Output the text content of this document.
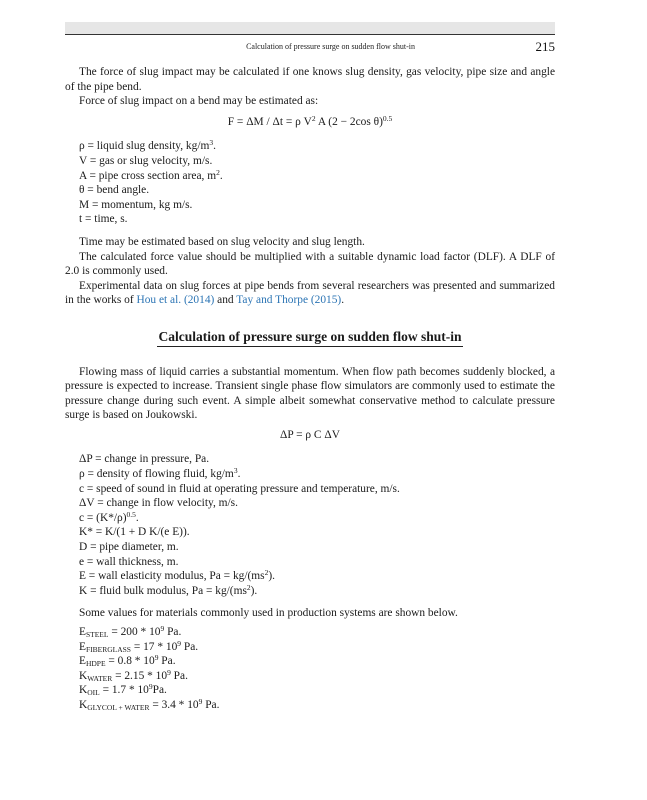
Calculation of pressure surge on sudden flow shut-in	215

The force of slug impact may be calculated if one knows slug density, gas velocity, pipe size and angle of the pipe bend.

Force of slug impact on a bend may be estimated as:

F = ΔM / Δt = ρ $V^2$ A (2 − 2cos θ)$^{0.5}$
ρ = liquid slug density, $kg/m^3$.
V = gas or slug velocity, m/s.
A = pipe cross section area, $m^2$.
θ = bend angle.
M = momentum, kg m/s.
t = time, s.

Time may be estimated based on slug velocity and slug length.

The calculated force value should be multiplied with a suitable dynamic load factor (DLF). A DLF of 2.0 is commonly used.

Experimental data on slug forces at pipe bends from several researchers was presented and summarized in the works of Hou et al. (2014) and Tay and Thorpe (2015).

Calculation of pressure surge on sudden flow shut-in

Flowing mass of liquid carries a substantial momentum. When flow path becomes suddenly blocked, a pressure is expected to increase. Transient single phase flow simulators are commonly used to estimate the pressure change during such event. A simple albeit somewhat conservative method to calculate pressure surge is based on Joukowski.

ΔP = ρ C ΔV
ΔP = change in pressure, Pa.
ρ = density of flowing fluid, $kg/m^3$.
c = speed of sound in fluid at operating pressure and temperature, m/s.
ΔV = change in flow velocity, m/s.
$c = (K*/\rho)^{0.5}$.
K* = K/(1 + D K/(e E)).
D = pipe diameter, m.
e = wall thickness, m.
E = wall elasticity modulus, $Pa = kg/(ms^2)$.
K = fluid bulk modulus, $Pa = kg/(ms^2)$.

Some values for materials commonly used in production systems are shown below.

$E_{STEEL} = 200 * 10^9$ Pa.
$E_{FIBERGLASS} = 17 * 10^9$ Pa.
$E_{HDPE} = 0.8 * 10^9$ Pa.
$K_{WATER} = 2.15 * 10^9$ Pa.
$K_{OIL} = 1.7 * 10^9Pa$.
$K_{GLYCOL + WATER} = 3.4 * 10^9$ Pa.
